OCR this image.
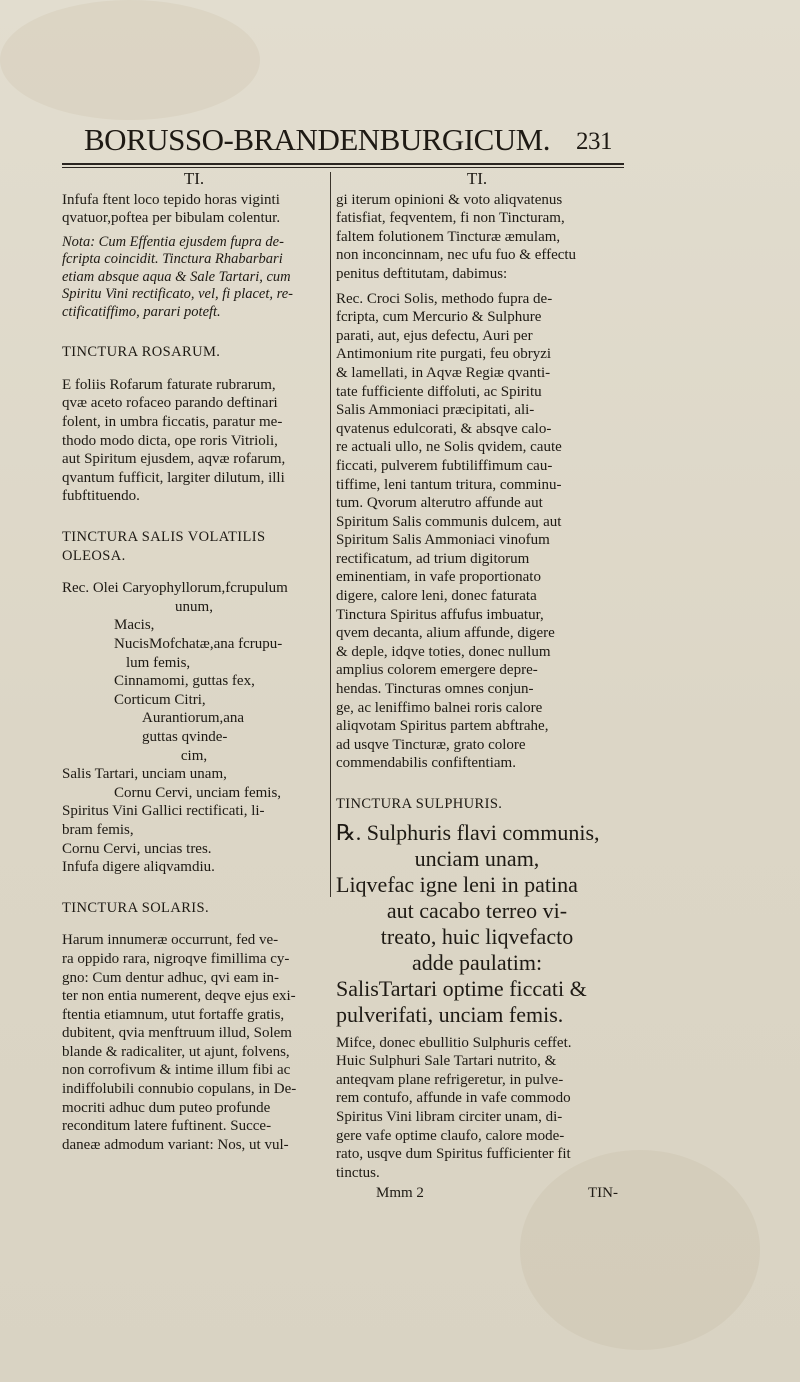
BORUSSO-BRANDENBURGICUM. 231
TI.

Infufa ftent loco tepido horas viginti

qvatuor,poftea per bibulam colentur.

Nota: Cum Effentia ejusdem fupra de-

fcripta coincidit. Tinctura Rhabarbari

etiam absque aqua & Sale Tartari, cum

Spiritu Vini rectificato, vel, fi placet, re-

ctificatiffimo, parari poteft.

TINCTURA ROSARUM.

E foliis Rofarum faturate rubrarum,

qvæ aceto rofaceo parando deftinari

folent, in umbra ficcatis, paratur me-

thodo modo dicta, ope roris Vitrioli,

aut Spiritum ejusdem, aqvæ rofarum,

qvantum fufficit, largiter dilutum, illi

fubftituendo.

TINCTURA SALIS VOLATILIS

OLEOSA.

Rec. Olei Caryophyllorum,fcrupulum

unum,

Macis,

NucisMofchatæ,ana fcrupu-

lum femis,

Cinnamomi, guttas fex,

Corticum Citri,

Aurantiorum,ana

guttas qvinde-

cim,

Salis Tartari, unciam unam,

Cornu Cervi, unciam femis,

Spiritus Vini Gallici rectificati, li-

bram femis,

Cornu Cervi, uncias tres.

Infufa digere aliqvamdiu.

TINCTURA SOLARIS.

Harum innumeræ occurrunt, fed ve-

ra oppido rara, nigroqve fimillima cy-

gno: Cum dentur adhuc, qvi eam in-

ter non entia numerent, deqve ejus exi-

ftentia etiamnum, utut fortaffe gratis,

dubitent, qvia menftruum illud, Solem

blande & radicaliter, ut ajunt, folvens,

non corrofivum & intime illum fibi ac

indiffolubili connubio copulans, in De-

mocriti adhuc dum puteo profunde

reconditum latere fuftinent. Succe-

daneæ admodum variant: Nos, ut vul-

TI.

gi iterum opinioni & voto aliqvatenus

fatisfiat, feqventem, fi non Tincturam,

faltem folutionem Tincturæ æmulam,

non inconcinnam, nec ufu fuo & effectu

penitus deftitutam, dabimus:

Rec. Croci Solis, methodo fupra de-

fcripta, cum Mercurio & Sulphure

parati, aut, ejus defectu, Auri per

Antimonium rite purgati, feu obryzi

& lamellati, in Aqvæ Regiæ qvanti-

tate fufficiente diffoluti, ac Spiritu

Salis Ammoniaci præcipitati, ali-

qvatenus edulcorati, & absqve calo-

re actuali ullo, ne Solis qvidem, caute

ficcati, pulverem fubtiliffimum cau-

tiffime, leni tantum tritura, comminu-

tum. Qvorum alterutro affunde aut

Spiritum Salis communis dulcem, aut

Spiritum Salis Ammoniaci vinofum

rectificatum, ad trium digitorum

eminentiam, in vafe proportionato

digere, calore leni, donec faturata

Tinctura Spiritus affufus imbuatur,

qvem decanta, alium affunde, digere

& deple, idqve toties, donec nullum

amplius colorem emergere depre-

hendas. Tincturas omnes conjun-

ge, ac leniffimo balnei roris calore

aliqvotam Spiritus partem abftrahe,

ad usqve Tincturæ, grato colore

commendabilis confiftentiam.

TINCTURA SULPHURIS.

℞. Sulphuris flavi communis,

unciam unam,

Liqvefac igne leni in patina

aut cacabo terreo vi-

treato, huic liqvefacto

adde paulatim:

SalisTartari optime ficcati &

pulverifati, unciam femis.

Mifce, donec ebullitio Sulphuris ceffet.

Huic Sulphuri Sale Tartari nutrito, &

anteqvam plane refrigeretur, in pulve-

rem contufo, affunde in vafe commodo

Spiritus Vini libram circiter unam, di-

gere vafe optime claufo, calore mode-

rato, usqve dum Spiritus fufficienter fit

tinctus.

Mmm 2	TIN-
